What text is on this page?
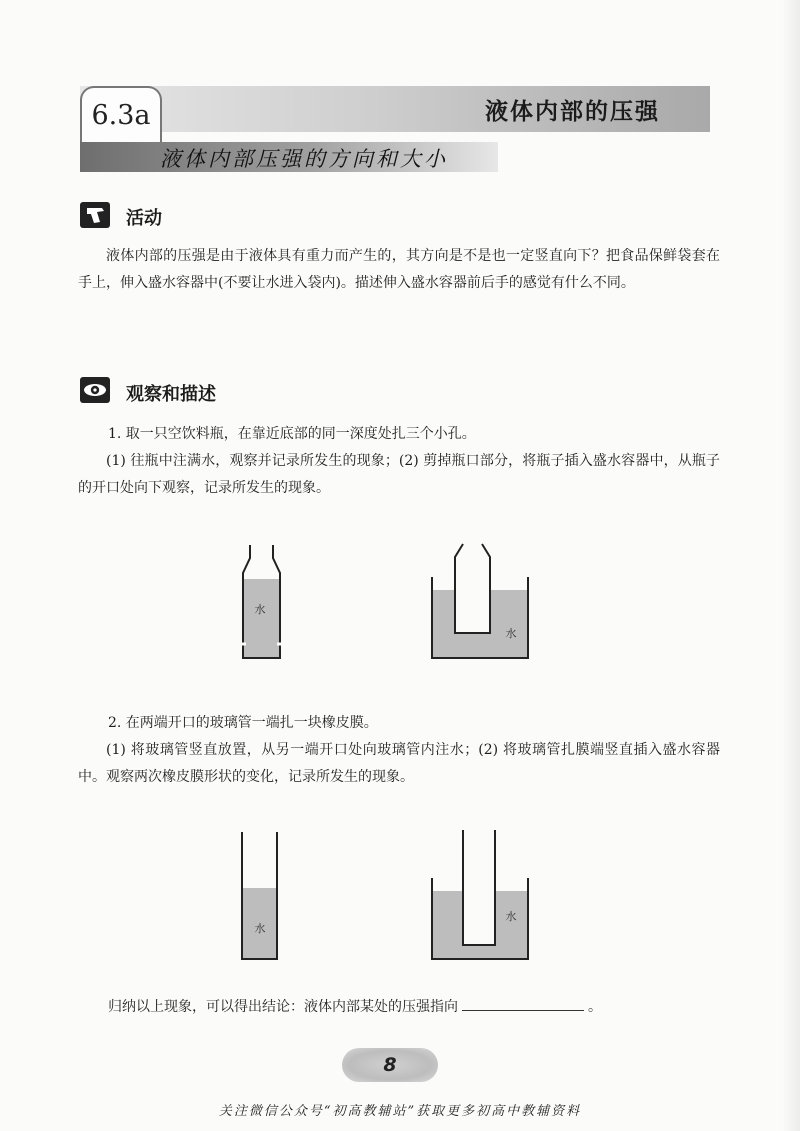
6.3a	液体内部的压强
液体内部压强的方向和大小
活动
液体内部的压强是由于液体具有重力而产生的，其方向是不是也一定竖直向下？把食品保鲜袋套在手上，伸入盛水容器中(不要让水进入袋内)。描述伸入盛水容器前后手的感觉有什么不同。
观察和描述
1. 取一只空饮料瓶，在靠近底部的同一深度处扎三个小孔。
(1) 往瓶中注满水，观察并记录所发生的现象；(2) 剪掉瓶口部分，将瓶子插入盛水容器中，从瓶子的开口处向下观察，记录所发生的现象。
水
水
2. 在两端开口的玻璃管一端扎一块橡皮膜。
(1) 将玻璃管竖直放置，从另一端开口处向玻璃管内注水；(2) 将玻璃管扎膜端竖直插入盛水容器中。观察两次橡皮膜形状的变化，记录所发生的现象。
水
水
归纳以上现象，可以得出结论：液体内部某处的压强指向	。
8
关注微信公众号“初高教辅站”获取更多初高中教辅资料
